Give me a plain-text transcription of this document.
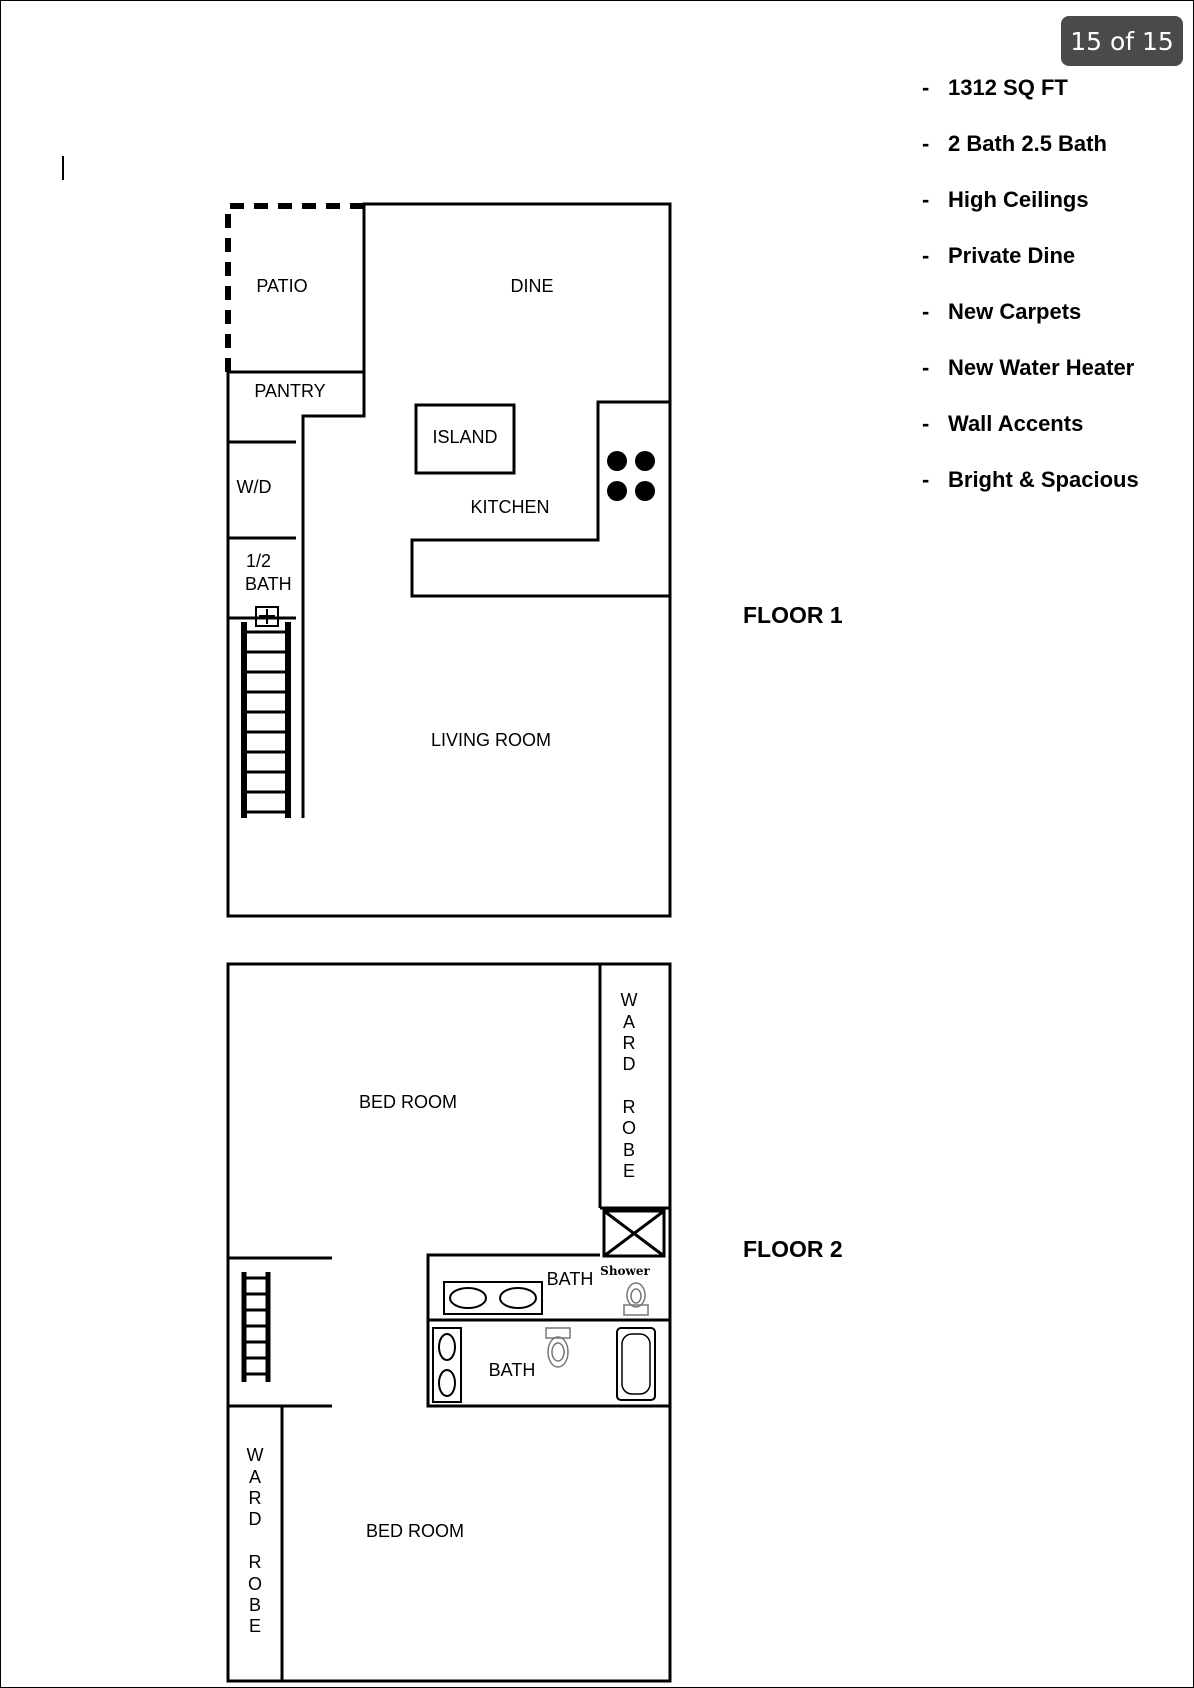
15 of 15
- 1312 SQ FT
- 2 Bath 2.5 Bath
- High Ceilings
- Private Dine
- New Carpets
- New Water Heater
- Wall Accents
- Bright & Spacious
FLOOR 1
FLOOR 2
PATIO	DINE
PANTRY
ISLAND
W/D
KITCHEN
1/2
BATH
LIVING ROOM
BED ROOM
BED ROOM
BATH
BATH
Shower
W
A
R
D
R
O
B
E
W
A
R
D
R
O
B
E
